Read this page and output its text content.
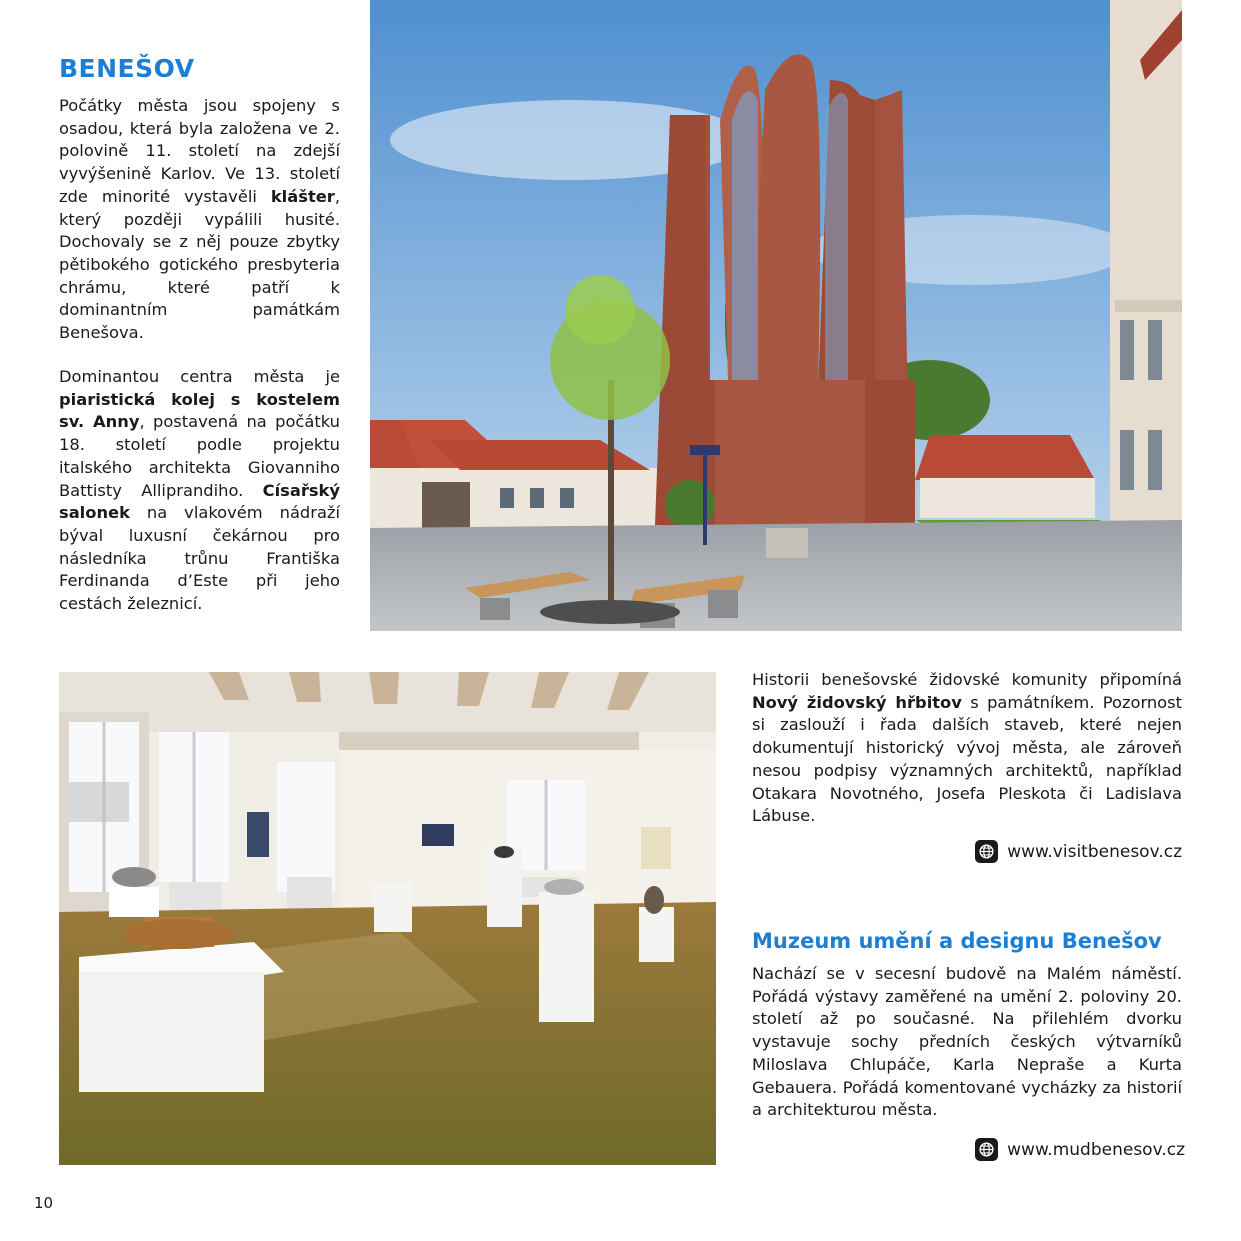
BENEŠOV

Počátky města jsou spojeny s osadou, která byla založena ve 2. polovině 11. století na zdejší vyvýšenině Karlov. Ve 13. století zde minorité vystavěli klášter, který později vypálili husité. Dochovaly se z něj pouze zbytky pětibokého gotického presbyteria chrámu, které patří k dominantním památkám Benešova.

Dominantou centra města je piaristická kolej s kostelem sv. Anny, postavená na počátku 18. století podle projektu italského architekta Giovanniho Battisty Alliprandiho. Císařský salonek na vlakovém nádraží býval luxusní čekárnou pro následníka trůnu Františka Ferdinanda d’Este při jeho cestách železnicí.

Historii benešovské židovské komunity připomíná Nový židovský hřbitov s památníkem. Pozornost si zaslouží i řada dalších staveb, které nejen dokumentují historický vývoj města, ale zároveň nesou podpisy významných architektů, například Otakara Novotného, Josefa Pleskota či Ladislava Lábuse.

www.visitbenesov.cz
Muzeum umění a designu Benešov

Nachází se v secesní budově na Malém náměstí. Pořádá výstavy zaměřené na umění 2. poloviny 20. století až po současné. Na přilehlém dvorku vystavuje sochy předních českých výtvarníků Miloslava Chlupáče, Karla Nepraše a Kurta Gebauera. Pořádá komentované vycházky za historií a architekturou města.

www.mudbenesov.cz
10
